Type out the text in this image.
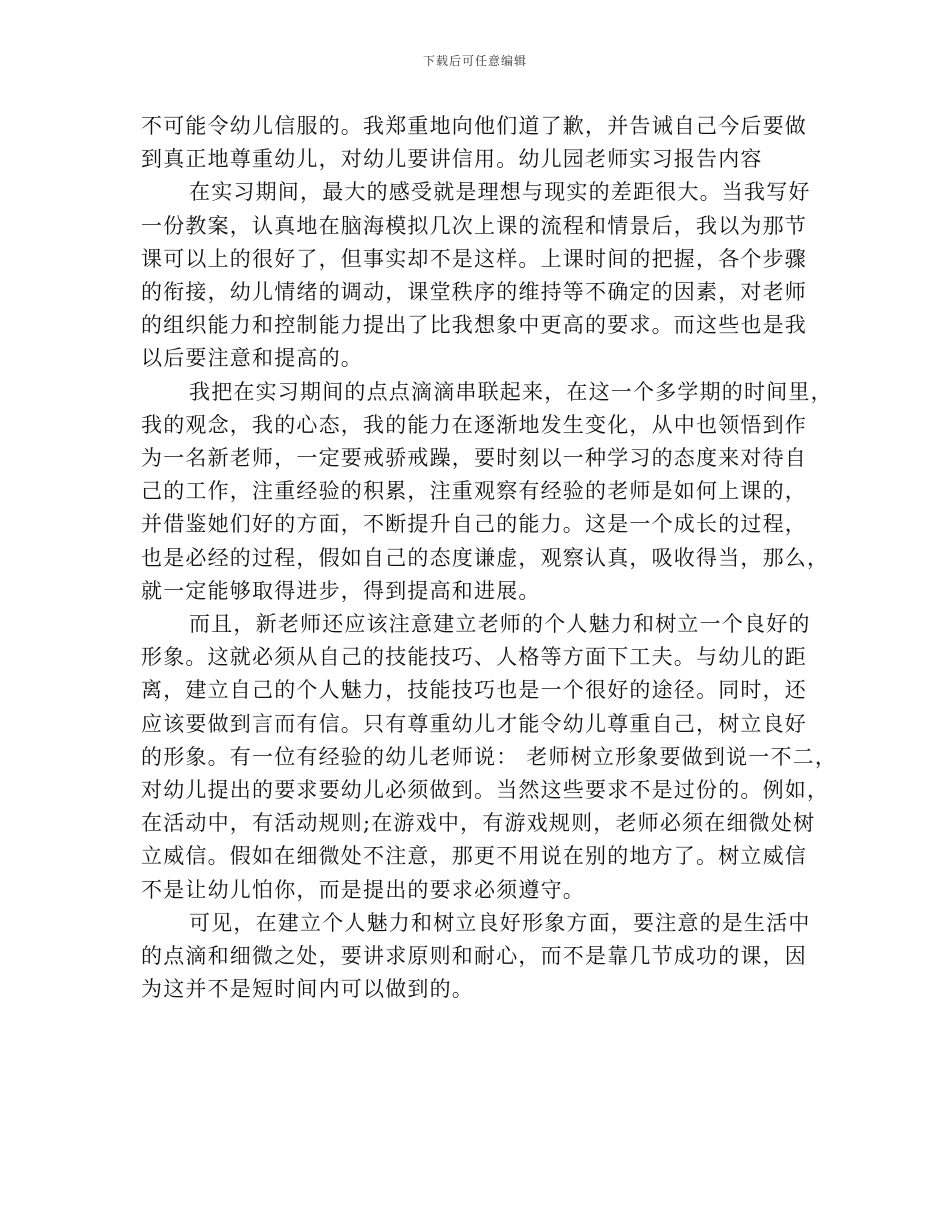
下载后可任意编辑
不可能令幼儿信服的。我郑重地向他们道了歉，并告诫自己今后要做
到真正地尊重幼儿，对幼儿要讲信用。幼儿园老师实习报告内容
在实习期间，最大的感受就是理想与现实的差距很大。当我写好
一份教案，认真地在脑海模拟几次上课的流程和情景后，我以为那节
课可以上的很好了，但事实却不是这样。上课时间的把握，各个步骤
的衔接，幼儿情绪的调动，课堂秩序的维持等不确定的因素，对老师
的组织能力和控制能力提出了比我想象中更高的要求。而这些也是我
以后要注意和提高的。
我把在实习期间的点点滴滴串联起来，在这一个多学期的时间里，
我的观念，我的心态，我的能力在逐渐地发生变化，从中也领悟到作
为一名新老师，一定要戒骄戒躁，要时刻以一种学习的态度来对待自
己的工作，注重经验的积累，注重观察有经验的老师是如何上课的，
并借鉴她们好的方面，不断提升自己的能力。这是一个成长的过程，
也是必经的过程，假如自己的态度谦虚，观察认真，吸收得当，那么，
就一定能够取得进步，得到提高和进展。
而且，新老师还应该注意建立老师的个人魅力和树立一个良好的
形象。这就必须从自己的技能技巧、人格等方面下工夫。与幼儿的距
离，建立自己的个人魅力，技能技巧也是一个很好的途径。同时，还
应该要做到言而有信。只有尊重幼儿才能令幼儿尊重自己，树立良好
的形象。有一位有经验的幼儿老师说： 老师树立形象要做到说一不二，
对幼儿提出的要求要幼儿必须做到。当然这些要求不是过份的。例如，
在活动中，有活动规则;在游戏中，有游戏规则，老师必须在细微处树
立威信。假如在细微处不注意，那更不用说在别的地方了。树立威信
不是让幼儿怕你，而是提出的要求必须遵守。
可见，在建立个人魅力和树立良好形象方面，要注意的是生活中
的点滴和细微之处，要讲求原则和耐心，而不是靠几节成功的课，因
为这并不是短时间内可以做到的。
